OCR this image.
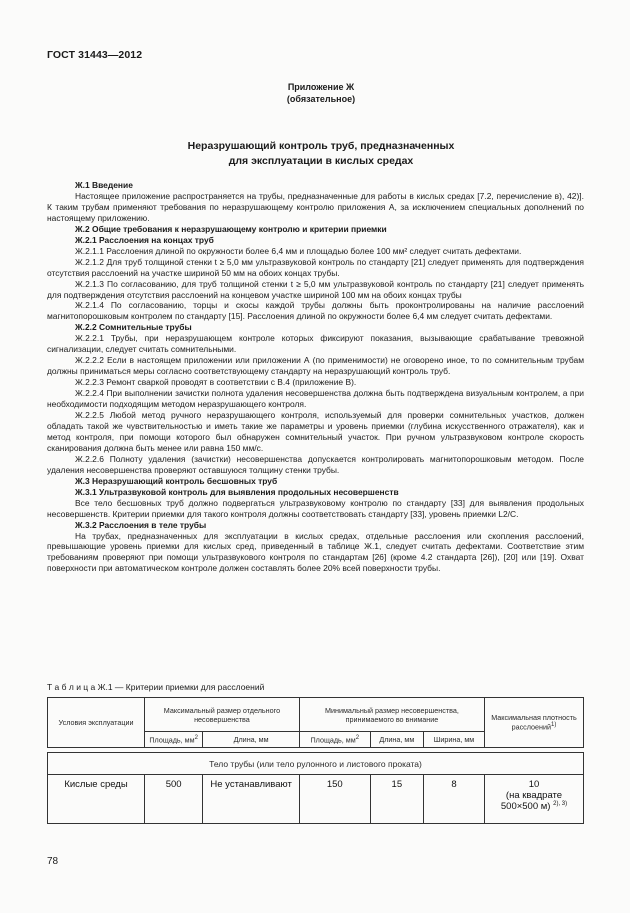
ГОСТ 31443—2012
Приложение Ж
(обязательное)
Неразрушающий контроль труб, предназначенных
для эксплуатации в кислых средах

Ж.1 Введение

Настоящее приложение распространяется на трубы, предназначенные для работы в кислых средах [7.2, перечисление в), 42)]. К таким трубам применяют требования по неразрушающему контролю приложения А, за исключением специальных дополнений по настоящему приложению.

Ж.2 Общие требования к неразрушающему контролю и критерии приемки

Ж.2.1 Расслоения на концах труб

Ж.2.1.1 Расслоения длиной по окружности более 6,4 мм и площадью более 100 мм² следует считать дефектами.

Ж.2.1.2 Для труб толщиной стенки t ≥ 5,0 мм ультразвуковой контроль по стандарту [21] следует применять для подтверждения отсутствия расслоений на участке шириной 50 мм на обоих концах трубы.

Ж.2.1.3 По согласованию, для труб толщиной стенки t ≥ 5,0 мм ультразвуковой контроль по стандарту [21] следует применять для подтверждения отсутствия расслоений на концевом участке шириной 100 мм на обоих концах трубы

Ж.2.1.4 По согласованию, торцы и скосы каждой трубы должны быть проконтролированы на наличие расслоений магнитопорошковым контролем по стандарту [15]. Расслоения длиной по окружности более 6,4 мм следует считать дефектами.

Ж.2.2 Сомнительные трубы

Ж.2.2.1 Трубы, при неразрушающем контроле которых фиксируют показания, вызывающие срабатывание тревожной сигнализации, следует считать сомнительными.

Ж.2.2.2 Если в настоящем приложении или приложении А (по применимости) не оговорено иное, то по сомнительным трубам должны приниматься меры согласно соответствующему стандарту на неразрушающий контроль труб.

Ж.2.2.3 Ремонт сваркой проводят в соответствии с В.4 (приложение В).

Ж.2.2.4 При выполнении зачистки полнота удаления несовершенства должна быть подтверждена визуальным контролем, а при необходимости подходящим методом неразрушающего контроля.

Ж.2.2.5 Любой метод ручного неразрушающего контроля, используемый для проверки сомнительных участков, должен обладать такой же чувствительностью и иметь такие же параметры и уровень приемки (глубина искусственного отражателя), как и метод контроля, при помощи которого был обнаружен сомнительный участок. При ручном ультразвуковом контроле скорость сканирования должна быть менее или равна 150 мм/с.

Ж.2.2.6 Полноту удаления (зачистки) несовершенства допускается контролировать магнитопорошковым методом. После удаления несовершенства проверяют оставшуюся толщину стенки трубы.

Ж.3 Неразрушающий контроль бесшовных труб

Ж.3.1 Ультразвуковой контроль для выявления продольных несовершенств

Все тело бесшовных труб должно подвергаться ультразвуковому контролю по стандарту [33] для выявления продольных несовершенств. Критерии приемки для такого контроля должны соответствовать стандарту [33], уровень приемки L2/C.

Ж.3.2 Расслоения в теле трубы

На трубах, предназначенных для эксплуатации в кислых средах, отдельные расслоения или скопления расслоений, превышающие уровень приемки для кислых сред, приведенный в таблице Ж.1, следует считать дефектами. Соответствие этим требованиям проверяют при помощи ультразвукового контроля по стандартам [26] (кроме 4.2 стандарта [26]), [20] или [19]. Охват поверхности при автоматическом контроле должен составлять более 20% всей поверхности трубы.

Т а б л и ц а Ж.1 — Критерии приемки для расслоений
Условия эксплуатации	Максимальный размер отдельного несовершенства		Минимальный размер несовершенства, принимаемого во внимание			Максимальная плотность расслоений$^{1)}$
	Площадь, $мм^2$	Длина, мм	Площадь, $мм^2$	Длина, мм	Ширина, мм	

Тело трубы (или тело рулонного и листового проката)						
Кислые среды	500	Не устанавливают	150	15	8	10
(на квадрате
500×500 м) $^{2), 3)}$
78
